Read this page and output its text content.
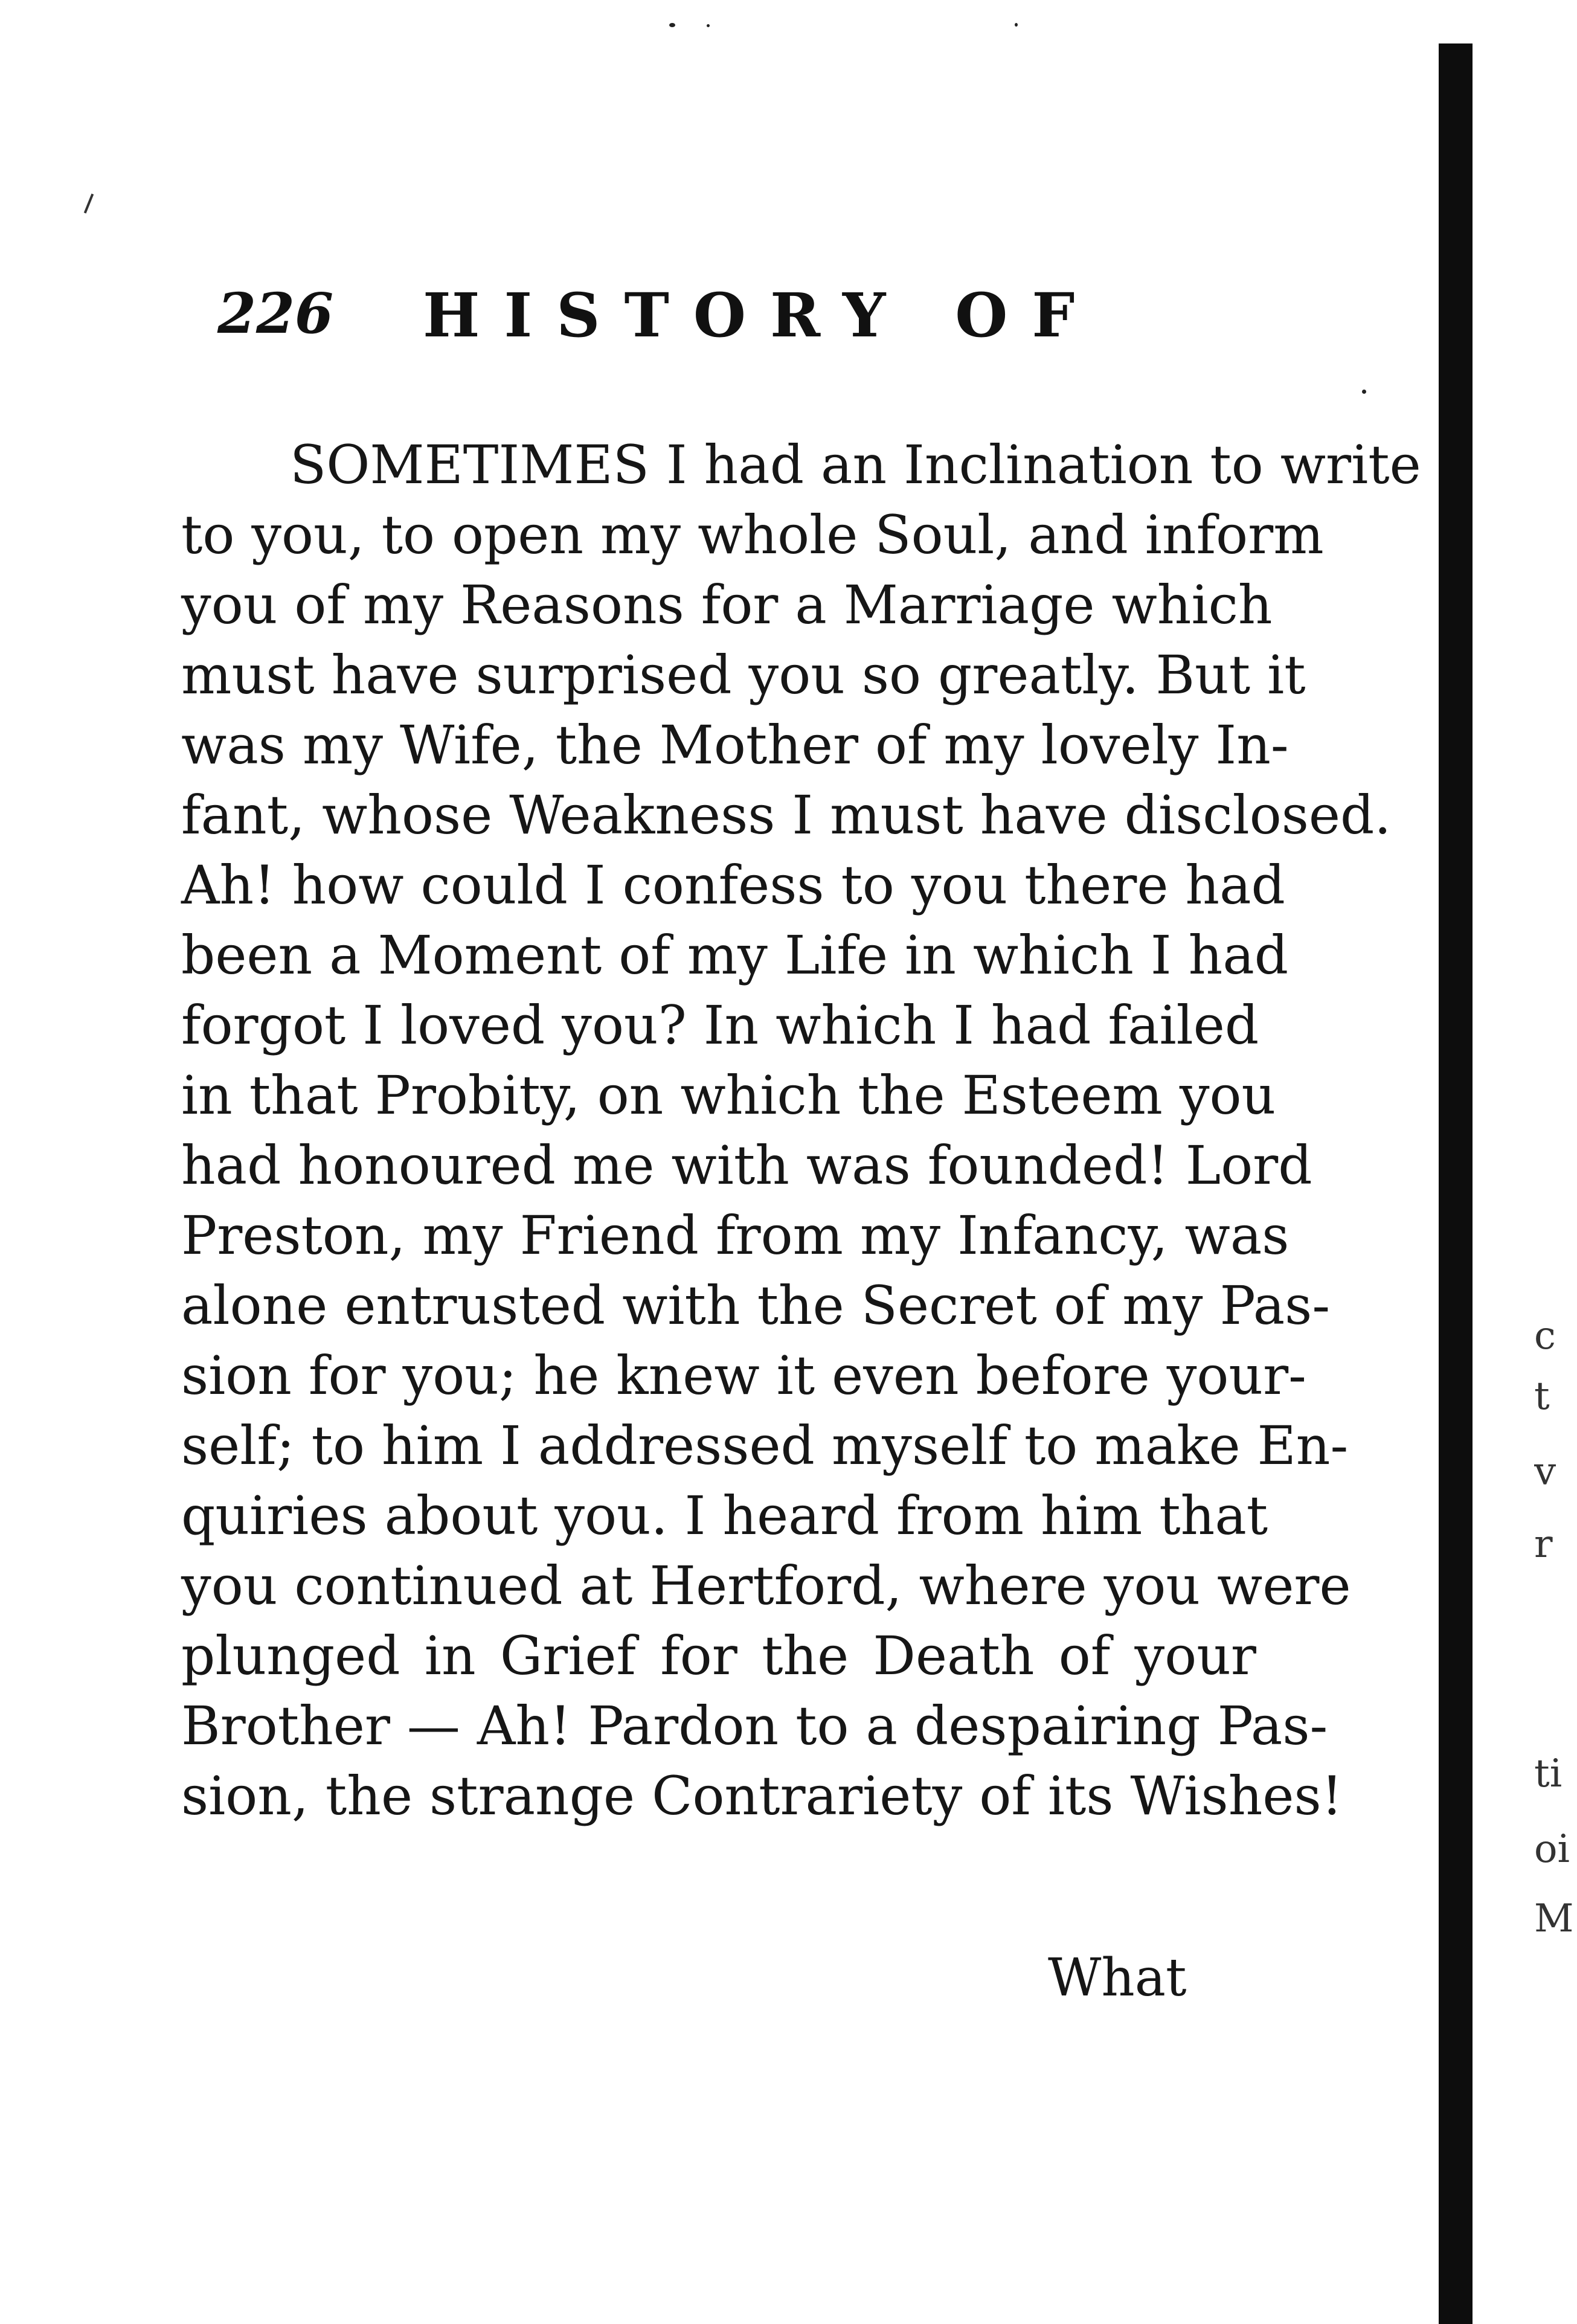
226 HISTORY OF
SOMETIMES I had an Inclination to write
to you, to open my whole Soul, and inform
you of my Reasons for a Marriage which
must have surprised you so greatly. But it
was my Wife, the Mother of my lovely In-
fant, whose Weakness I must have disclosed.
Ah! how could I confess to you there had
been a Moment of my Life in which I had
forgot I loved you? In which I had failed
in that Probity, on which the Esteem you
had honoured me with was founded! Lord
Preston, my Friend from my Infancy, was
alone entrusted with the Secret of my Pas-
sion for you; he knew it even before your-
self; to him I addressed myself to make En-
quiries about you. I heard from him that
you continued at Hertford, where you were
plunged in Grief for the Death of your
Brother — Ah! Pardon to a despairing Pas-
sion, the strange Contrariety of its Wishes!
What
c
t
v
r
ti
oi
M
